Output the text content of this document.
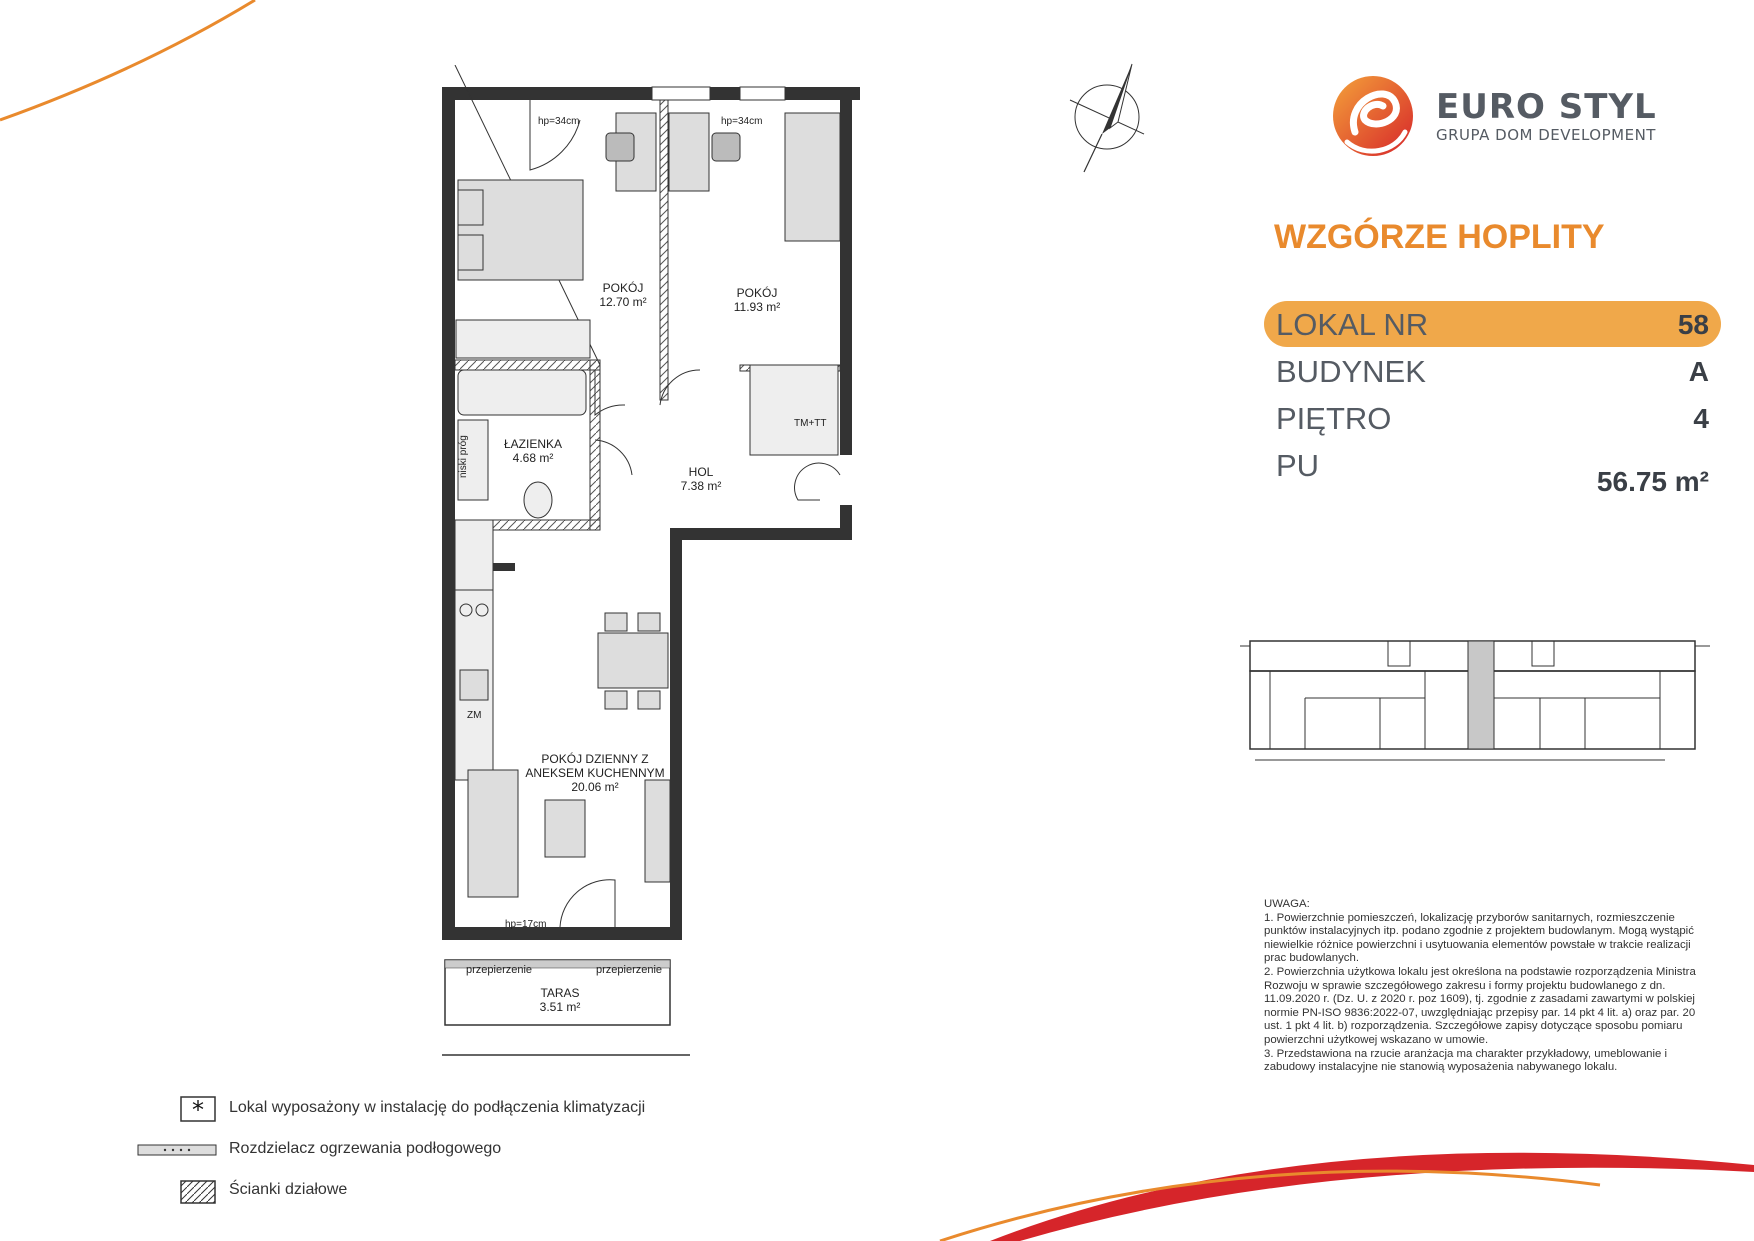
EURO STYL
GRUPA DOM DEVELOPMENT
WZGÓRZE HOPLITY
LOKAL NR	58
BUDYNEK	A
PIĘTRO	4
PU	56.75 m²
POKÓJ
12.70 m²
POKÓJ
11.93 m²
ŁAZIENKA
4.68 m²
HOL
7.38 m²
POKÓJ DZIENNY Z
ANEKSEM KUCHENNYM
20.06 m²
TARAS
3.51 m²
hp=34cm	hp=34cm
hp=17cm
przepierzenie	przepierzenie
niski próg
TM+TT
ZM
UWAGA:
1. Powierzchnie pomieszczeń, lokalizację przyborów sanitarnych, rozmieszczenie punktów instalacyjnych itp. podano zgodnie z projektem budowlanym. Mogą wystąpić niewielkie różnice powierzchni i usytuowania elementów powstałe w trakcie realizacji prac budowlanych.
2. Powierzchnia użytkowa lokalu jest określona na podstawie rozporządzenia Ministra Rozwoju w sprawie szczegółowego zakresu i formy projektu budowlanego z dn. 11.09.2020 r. (Dz. U. z 2020 r. poz 1609), tj. zgodnie z zasadami zawartymi w polskiej normie PN-ISO 9836:2022-07, uwzględniając przepisy par. 14 pkt 4 lit. a) oraz par. 20 ust. 1 pkt 4 lit. b) rozporządzenia. Szczegółowe zapisy dotyczące sposobu pomiaru powierzchni użytkowej wskazano w umowie.
3. Przedstawiona na rzucie aranżacja ma charakter przykładowy, umeblowanie i zabudowy instalacyjne nie stanowią wyposażenia nabywanego lokalu.
* Lokal wyposażony w instalację do podłączenia klimatyzacji
Rozdzielacz ogrzewania podłogowego
Ścianki działowe
